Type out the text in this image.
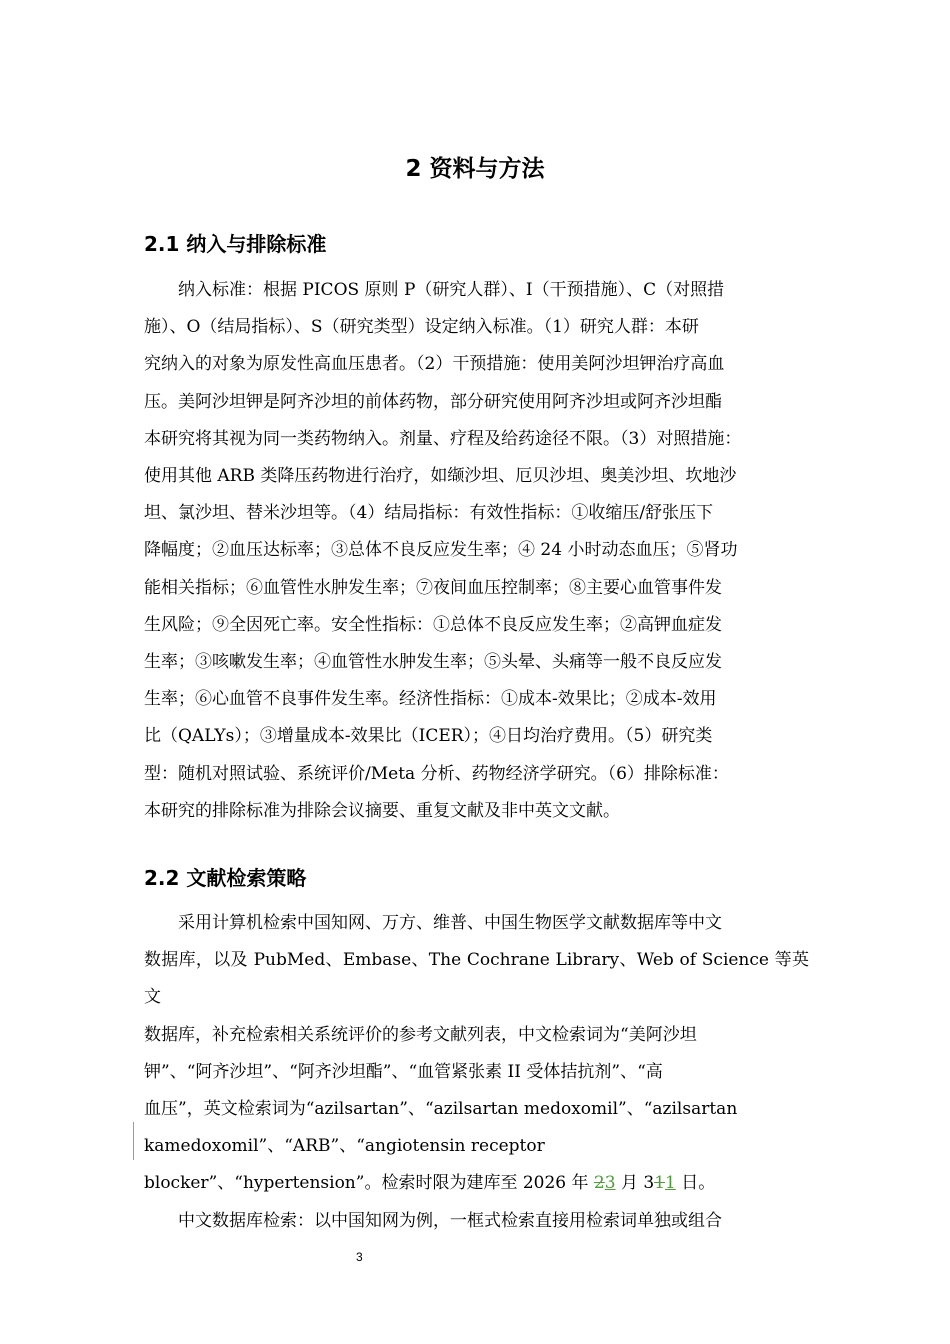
2 资料与方法
2.1 纳入与排除标准

纳入标准：根据 PICOS 原则 P（研究人群）、I（干预措施）、C（对照措
施）、O（结局指标）、S（研究类型）设定纳入标准。（1）研究人群：本研
究纳入的对象为原发性高血压患者。（2）干预措施：使用美阿沙坦钾治疗高血
压。美阿沙坦钾是阿齐沙坦的前体药物，部分研究使用阿齐沙坦或阿齐沙坦酯
本研究将其视为同一类药物纳入。剂量、疗程及给药途径不限。（3）对照措施：
使用其他 ARB 类降压药物进行治疗，如缬沙坦、厄贝沙坦、奥美沙坦、坎地沙
坦、氯沙坦、替米沙坦等。（4）结局指标：有效性指标：①收缩压/舒张压下
降幅度；②血压达标率；③总体不良反应发生率；④ 24 小时动态血压；⑤肾功
能相关指标；⑥血管性水肿发生率；⑦夜间血压控制率；⑧主要心血管事件发
生风险；⑨全因死亡率。安全性指标：①总体不良反应发生率；②高钾血症发
生率；③咳嗽发生率；④血管性水肿发生率；⑤头晕、头痛等一般不良反应发
生率；⑥心血管不良事件发生率。经济性指标：①成本-效果比；②成本-效用
比（QALYs）；③增量成本-效果比（ICER）；④日均治疗费用。（5）研究类
型：随机对照试验、系统评价/Meta 分析、药物经济学研究。（6）排除标准：
本研究的排除标准为排除会议摘要、重复文献及非中英文文献。

2.2 文献检索策略

采用计算机检索中国知网、万方、维普、中国生物医学文献数据库等中文
数据库，以及 PubMed、Embase、The Cochrane Library、Web of Science 等英文
数据库，补充检索相关系统评价的参考文献列表，中文检索词为“美阿沙坦
钾”、“阿齐沙坦”、“阿齐沙坦酯”、“血管紧张素 II 受体拮抗剂”、“高
血压”，英文检索词为“azilsartan”、“azilsartan medoxomil”、“azilsartan
kamedoxomil”、“ARB”、“angiotensin receptor
blocker”、“hypertension”。检索时限为建库至 2026 年 23 月 311 日。
中文数据库检索：以中国知网为例，一框式检索直接用检索词单独或组合

3
